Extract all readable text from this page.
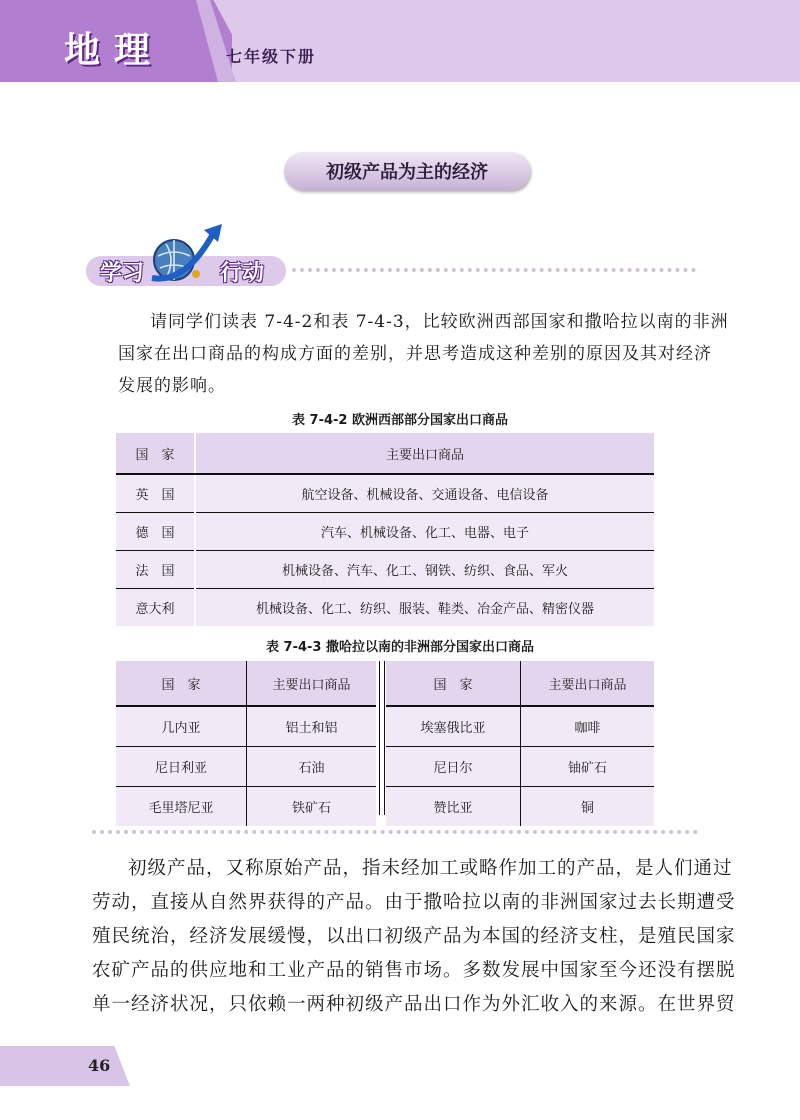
地理	七年级下册
初级产品为主的经济
学习	行动
请同学们读表 7-4-2和表 7-4-3，比较欧洲西部国家和撒哈拉以南的非洲
国家在出口商品的构成方面的差别，并思考造成这种差别的原因及其对经济
发展的影响。
表 7-4-2 欧洲西部部分国家出口商品
国　家	主要出口商品
英　国	航空设备、机械设备、交通设备、电信设备
德　国	汽车、机械设备、化工、电器、电子
法　国	机械设备、汽车、化工、钢铁、纺织、食品、军火
意大利	机械设备、化工、纺织、服装、鞋类、冶金产品、精密仪器
表 7-4-3 撒哈拉以南的非洲部分国家出口商品
国　家	主要出口商品
几内亚	铝土和铝
尼日利亚	石油
毛里塔尼亚	铁矿石
国　家	主要出口商品
埃塞俄比亚	咖啡
尼日尔	铀矿石
赞比亚	铜
初级产品，又称原始产品，指未经加工或略作加工的产品，是人们通过
劳动，直接从自然界获得的产品。由于撒哈拉以南的非洲国家过去长期遭受
殖民统治，经济发展缓慢，以出口初级产品为本国的经济支柱，是殖民国家
农矿产品的供应地和工业产品的销售市场。多数发展中国家至今还没有摆脱
单一经济状况，只依赖一两种初级产品出口作为外汇收入的来源。在世界贸
46
